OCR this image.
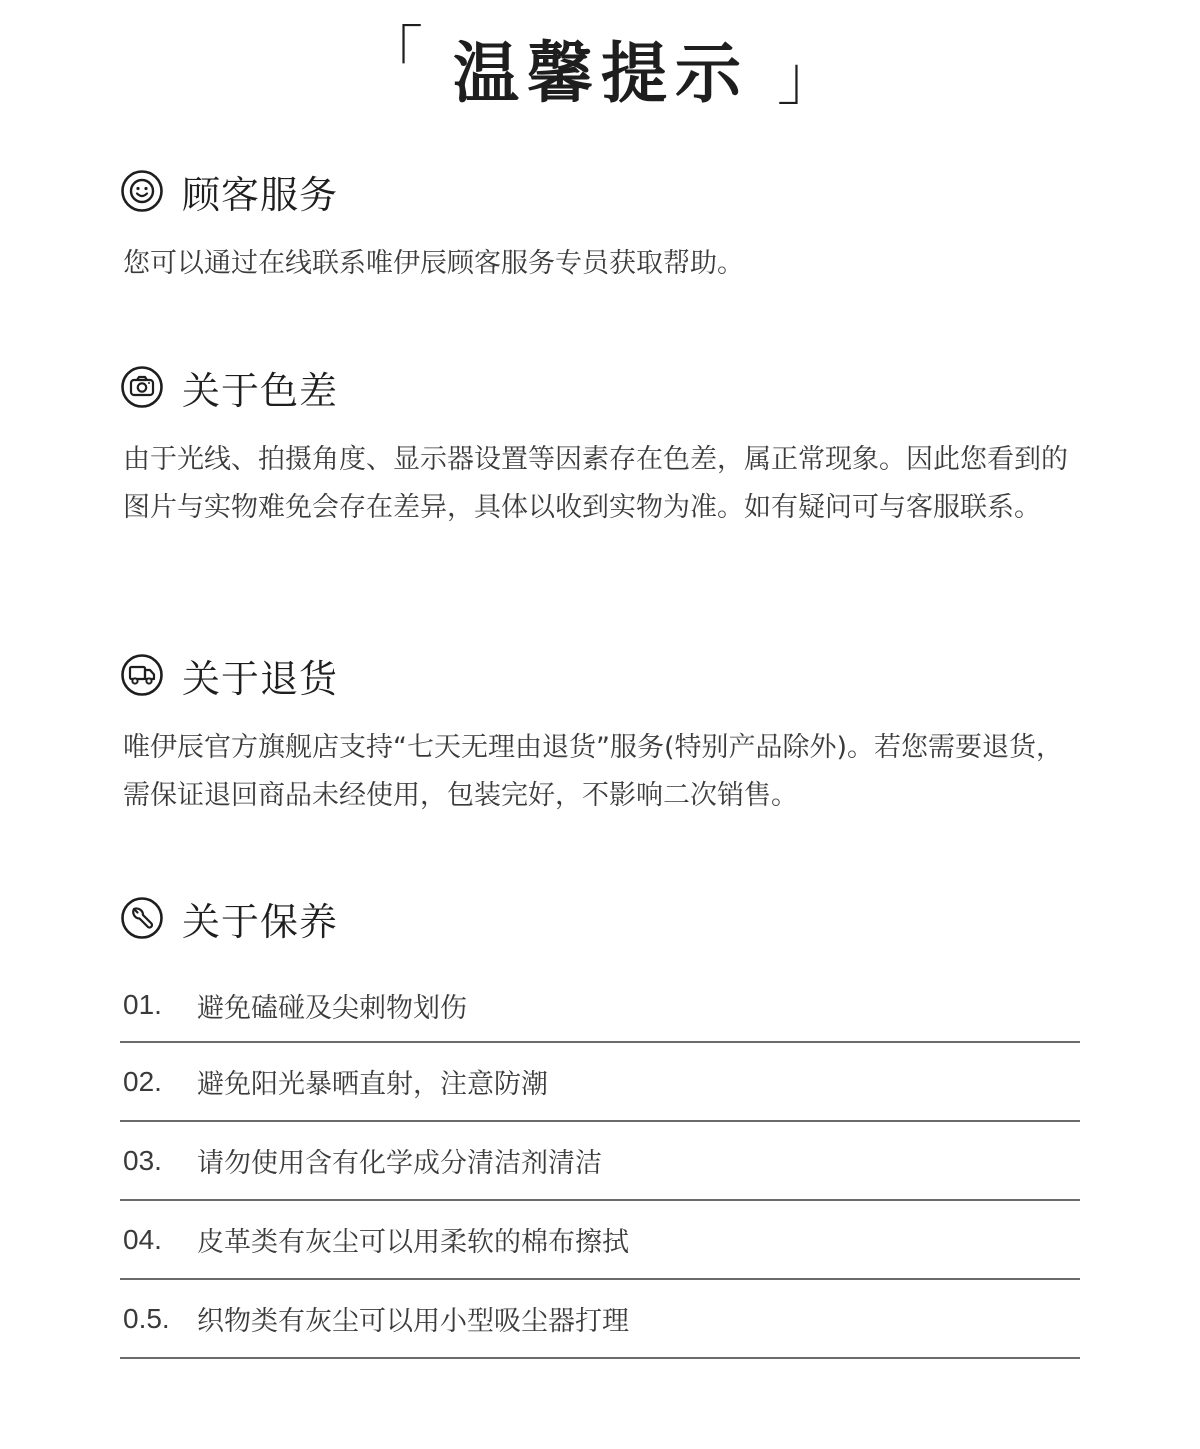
「 温馨提示 」
顾客服务
您可以通过在线联系唯伊辰顾客服务专员获取帮助。
关于色差
由于光线、拍摄角度、显示器设置等因素存在色差，属正常现象。因此您看到的图片与实物难免会存在差异，具体以收到实物为准。如有疑问可与客服联系。
关于退货
唯伊辰官方旗舰店支持“七天无理由退货”服务(特别产品除外)。若您需要退货，需保证退回商品未经使用，包装完好，不影响二次销售。
关于保养
01.	避免磕碰及尖刺物划伤
02.	避免阳光暴晒直射，注意防潮
03.	请勿使用含有化学成分清洁剂清洁
04.	皮革类有灰尘可以用柔软的棉布擦拭
0.5.	织物类有灰尘可以用小型吸尘器打理
